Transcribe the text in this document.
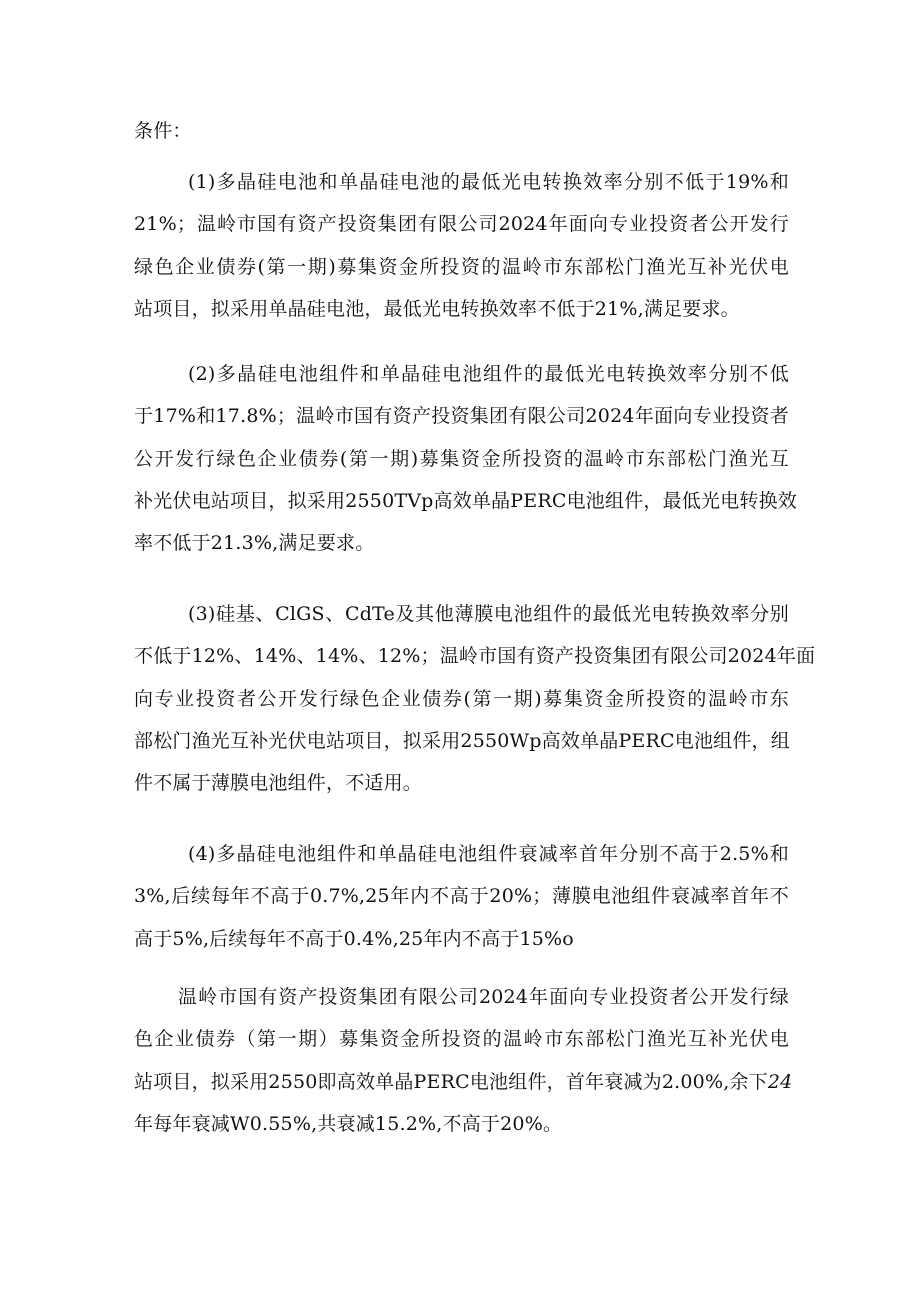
条件：

(1)多晶硅电池和单晶硅电池的最低光电转换效率分别不低于19%和
21%；温岭市国有资产投资集团有限公司2024年面向专业投资者公开发行
绿色企业债券(第一期)募集资金所投资的温岭市东部松门渔光互补光伏电
站项目，拟采用单晶硅电池，最低光电转换效率不低于21%,满足要求。

(2)多晶硅电池组件和单晶硅电池组件的最低光电转换效率分别不低
于17%和17.8%；温岭市国有资产投资集团有限公司2024年面向专业投资者
公开发行绿色企业债券(第一期)募集资金所投资的温岭市东部松门渔光互
补光伏电站项目，拟采用2550TVp高效单晶PERC电池组件，最低光电转换效
率不低于21.3%,满足要求。

(3)硅基、ClGS、CdTe及其他薄膜电池组件的最低光电转换效率分别
不低于12%、14%、14%、12%；温岭市国有资产投资集团有限公司2024年面
向专业投资者公开发行绿色企业债券(第一期)募集资金所投资的温岭市东
部松门渔光互补光伏电站项目，拟采用2550Wp高效单晶PERC电池组件，组
件不属于薄膜电池组件，不适用。

(4)多晶硅电池组件和单晶硅电池组件衰减率首年分别不高于2.5%和
3%,后续每年不高于0.7%,25年内不高于20%；薄膜电池组件衰减率首年不
高于5%,后续每年不高于0.4%,25年内不高于15%o

温岭市国有资产投资集团有限公司2024年面向专业投资者公开发行绿
色企业债券（第一期）募集资金所投资的温岭市东部松门渔光互补光伏电
站项目，拟采用2550即高效单晶PERC电池组件，首年衰减为2.00%,余下24
年每年衰减W0.55%,共衰减15.2%,不高于20%。
